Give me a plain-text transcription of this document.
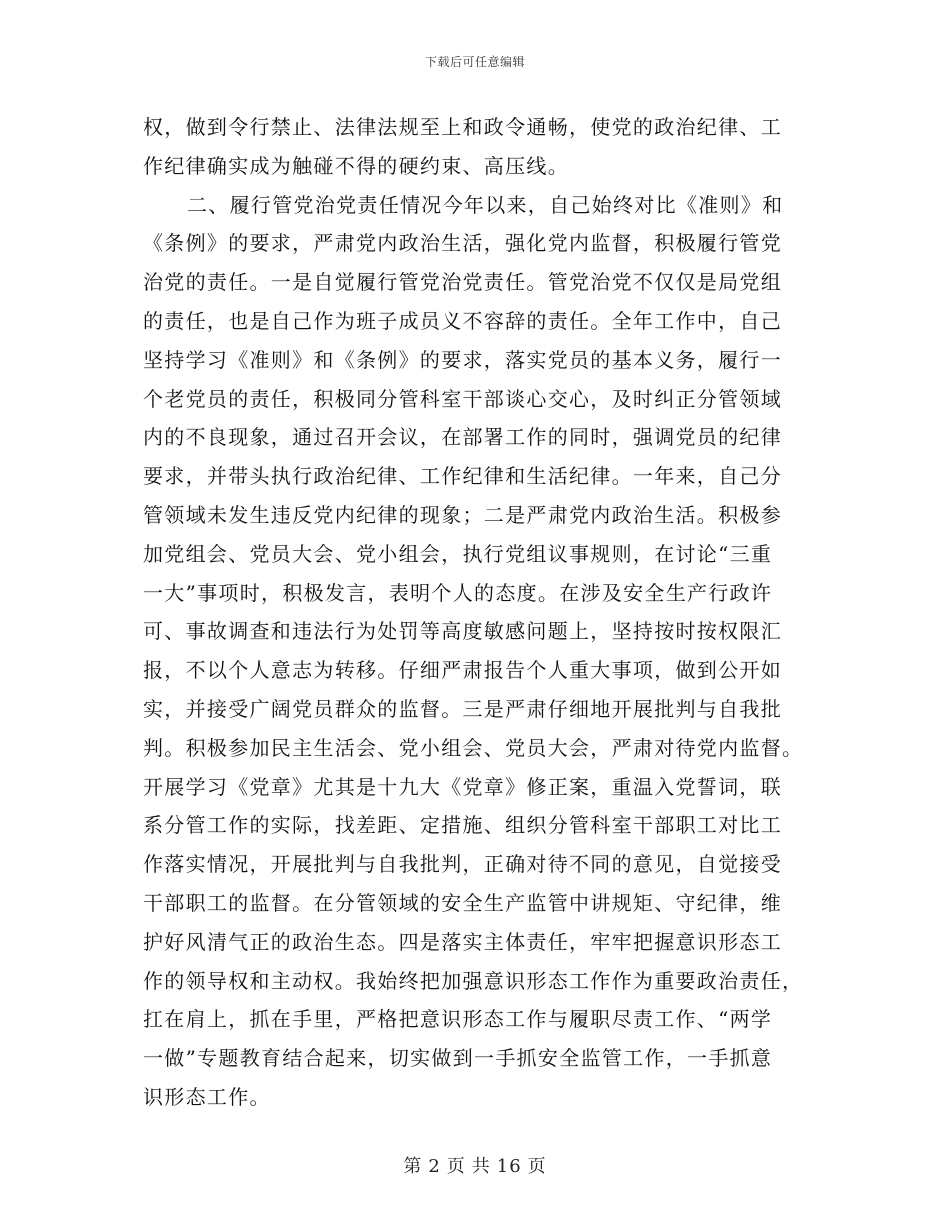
下载后可任意编辑

权，做到令行禁止、法律法规至上和政令通畅，使党的政治纪律、工

作纪律确实成为触碰不得的硬约束、高压线。

二、履行管党治党责任情况今年以来，自己始终对比《准则》和

《条例》的要求，严肃党内政治生活，强化党内监督，积极履行管党

治党的责任。一是自觉履行管党治党责任。管党治党不仅仅是局党组

的责任，也是自己作为班子成员义不容辞的责任。全年工作中，自己

坚持学习《准则》和《条例》的要求，落实党员的基本义务，履行一

个老党员的责任，积极同分管科室干部谈心交心，及时纠正分管领域

内的不良现象，通过召开会议，在部署工作的同时，强调党员的纪律

要求，并带头执行政治纪律、工作纪律和生活纪律。一年来，自己分

管领域未发生违反党内纪律的现象；二是严肃党内政治生活。积极参

加党组会、党员大会、党小组会，执行党组议事规则，在讨论“三重

一大”事项时，积极发言，表明个人的态度。在涉及安全生产行政许

可、事故调查和违法行为处罚等高度敏感问题上，坚持按时按权限汇

报，不以个人意志为转移。仔细严肃报告个人重大事项，做到公开如

实，并接受广阔党员群众的监督。三是严肃仔细地开展批判与自我批

判。积极参加民主生活会、党小组会、党员大会，严肃对待党内监督。

开展学习《党章》尤其是十九大《党章》修正案，重温入党誓词，联

系分管工作的实际，找差距、定措施、组织分管科室干部职工对比工

作落实情况，开展批判与自我批判，正确对待不同的意见，自觉接受

干部职工的监督。在分管领域的安全生产监管中讲规矩、守纪律，维

护好风清气正的政治生态。四是落实主体责任，牢牢把握意识形态工

作的领导权和主动权。我始终把加强意识形态工作作为重要政治责任，

扛在肩上，抓在手里，严格把意识形态工作与履职尽责工作、“两学

一做”专题教育结合起来，切实做到一手抓安全监管工作，一手抓意

识形态工作。

第 2 页 共 16 页
